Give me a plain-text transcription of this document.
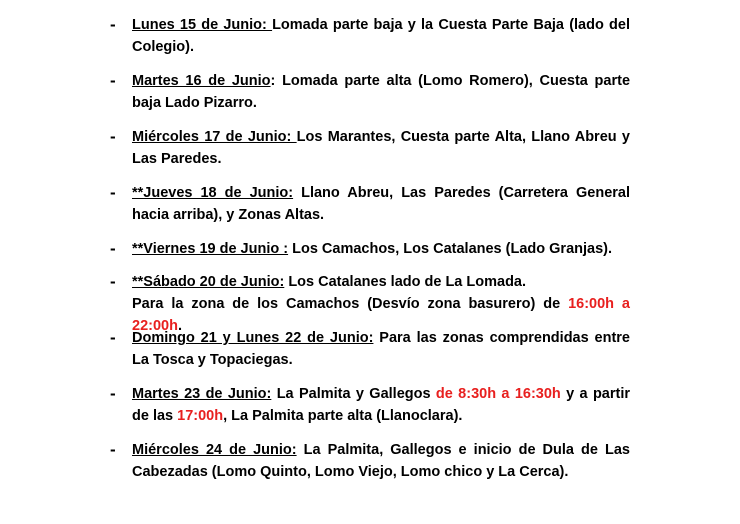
-	Lunes 15 de Junio: Lomada parte baja y la Cuesta Parte Baja (lado del Colegio).
-	Martes 16 de Junio: Lomada parte alta (Lomo Romero), Cuesta parte baja Lado Pizarro.
-	Miércoles 17 de Junio: Los Marantes, Cuesta parte Alta, Llano Abreu y Las Paredes.
-	**Jueves 18 de Junio: Llano Abreu, Las Paredes (Carretera General hacia arriba), y Zonas Altas.
-	**Viernes 19 de Junio : Los Camachos, Los Catalanes (Lado Granjas).
-	**Sábado 20 de Junio: Los Catalanes lado de La Lomada.
Para la zona de los Camachos (Desvío zona basurero) de 16:00h a 22:00h.
-	Domingo 21 y Lunes 22 de Junio: Para las zonas comprendidas entre La Tosca y Topaciegas.
-	Martes 23 de Junio: La Palmita y Gallegos de 8:30h a 16:30h y a partir de las 17:00h, La Palmita parte alta (Llanoclara).
-	Miércoles 24 de Junio: La Palmita, Gallegos e inicio de Dula de Las Cabezadas (Lomo Quinto, Lomo Viejo, Lomo chico y La Cerca).
